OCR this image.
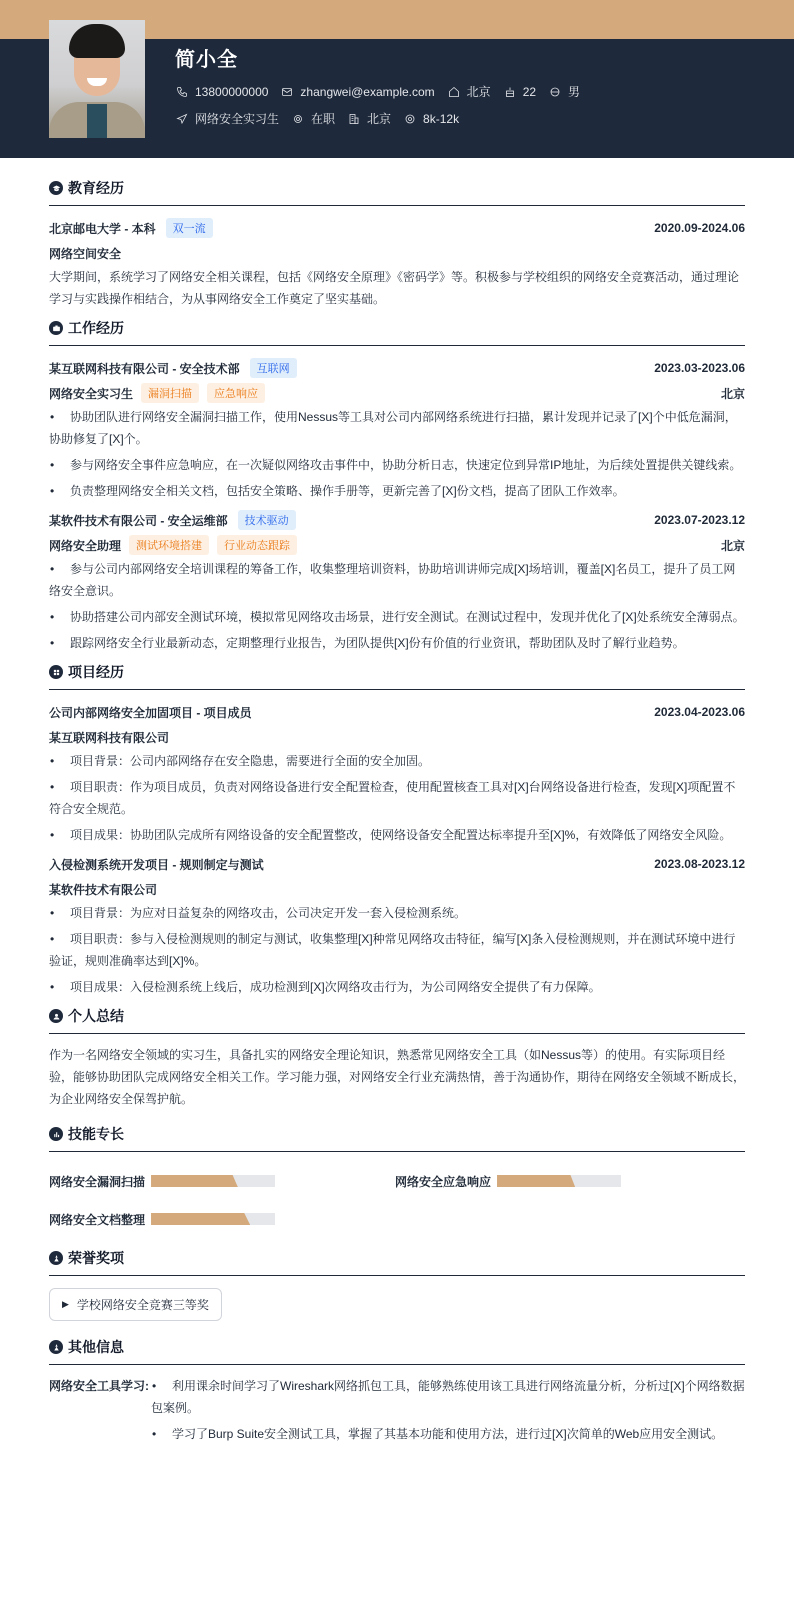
简小全
13800000000	zhangwei@example.com	北京	22	男
网络安全实习生	在职	北京	8k-12k
教育经历
北京邮电大学 - 本科	双一流	2020.09-2024.06
网络空间安全
大学期间，系统学习了网络安全相关课程，包括《网络安全原理》《密码学》等。积极参与学校组织的网络安全竞赛活动，通过理论学习与实践操作相结合，为从事网络安全工作奠定了坚实基础。
工作经历
某互联网科技有限公司 - 安全技术部	互联网	2023.03-2023.06
网络安全实习生	漏洞扫描	应急响应	北京
• 协助团队进行网络安全漏洞扫描工作，使用Nessus等工具对公司内部网络系统进行扫描，累计发现并记录了[X]个中低危漏洞，协助修复了[X]个。
• 参与网络安全事件应急响应，在一次疑似网络攻击事件中，协助分析日志，快速定位到异常IP地址，为后续处置提供关键线索。
• 负责整理网络安全相关文档，包括安全策略、操作手册等，更新完善了[X]份文档，提高了团队工作效率。
某软件技术有限公司 - 安全运维部	技术驱动	2023.07-2023.12
网络安全助理	测试环境搭建	行业动态跟踪	北京
• 参与公司内部网络安全培训课程的筹备工作，收集整理培训资料，协助培训讲师完成[X]场培训，覆盖[X]名员工，提升了员工网络安全意识。
• 协助搭建公司内部安全测试环境，模拟常见网络攻击场景，进行安全测试。在测试过程中，发现并优化了[X]处系统安全薄弱点。
• 跟踪网络安全行业最新动态，定期整理行业报告，为团队提供[X]份有价值的行业资讯，帮助团队及时了解行业趋势。
项目经历
公司内部网络安全加固项目 - 项目成员	2023.04-2023.06
某互联网科技有限公司
• 项目背景：公司内部网络存在安全隐患，需要进行全面的安全加固。
• 项目职责：作为项目成员，负责对网络设备进行安全配置检查，使用配置核查工具对[X]台网络设备进行检查，发现[X]项配置不符合安全规范。
• 项目成果：协助团队完成所有网络设备的安全配置整改，使网络设备安全配置达标率提升至[X]%，有效降低了网络安全风险。
入侵检测系统开发项目 - 规则制定与测试	2023.08-2023.12
某软件技术有限公司
• 项目背景：为应对日益复杂的网络攻击，公司决定开发一套入侵检测系统。
• 项目职责：参与入侵检测规则的制定与测试，收集整理[X]种常见网络攻击特征，编写[X]条入侵检测规则，并在测试环境中进行验证，规则准确率达到[X]%。
• 项目成果：入侵检测系统上线后，成功检测到[X]次网络攻击行为，为公司网络安全提供了有力保障。
个人总结
作为一名网络安全领域的实习生，具备扎实的网络安全理论知识，熟悉常见网络安全工具（如Nessus等）的使用。有实际项目经验，能够协助团队完成网络安全相关工作。学习能力强，对网络安全行业充满热情，善于沟通协作，期待在网络安全领域不断成长，为企业网络安全保驾护航。
技能专长
网络安全漏洞扫描	网络安全应急响应
网络安全文档整理
荣誉奖项
▶ 学校网络安全竞赛三等奖
其他信息
网络安全工具学习:	• 利用课余时间学习了Wireshark网络抓包工具，能够熟练使用该工具进行网络流量分析，分析过[X]个网络数据包案例。
• 学习了Burp Suite安全测试工具，掌握了其基本功能和使用方法，进行过[X]次简单的Web应用安全测试。
